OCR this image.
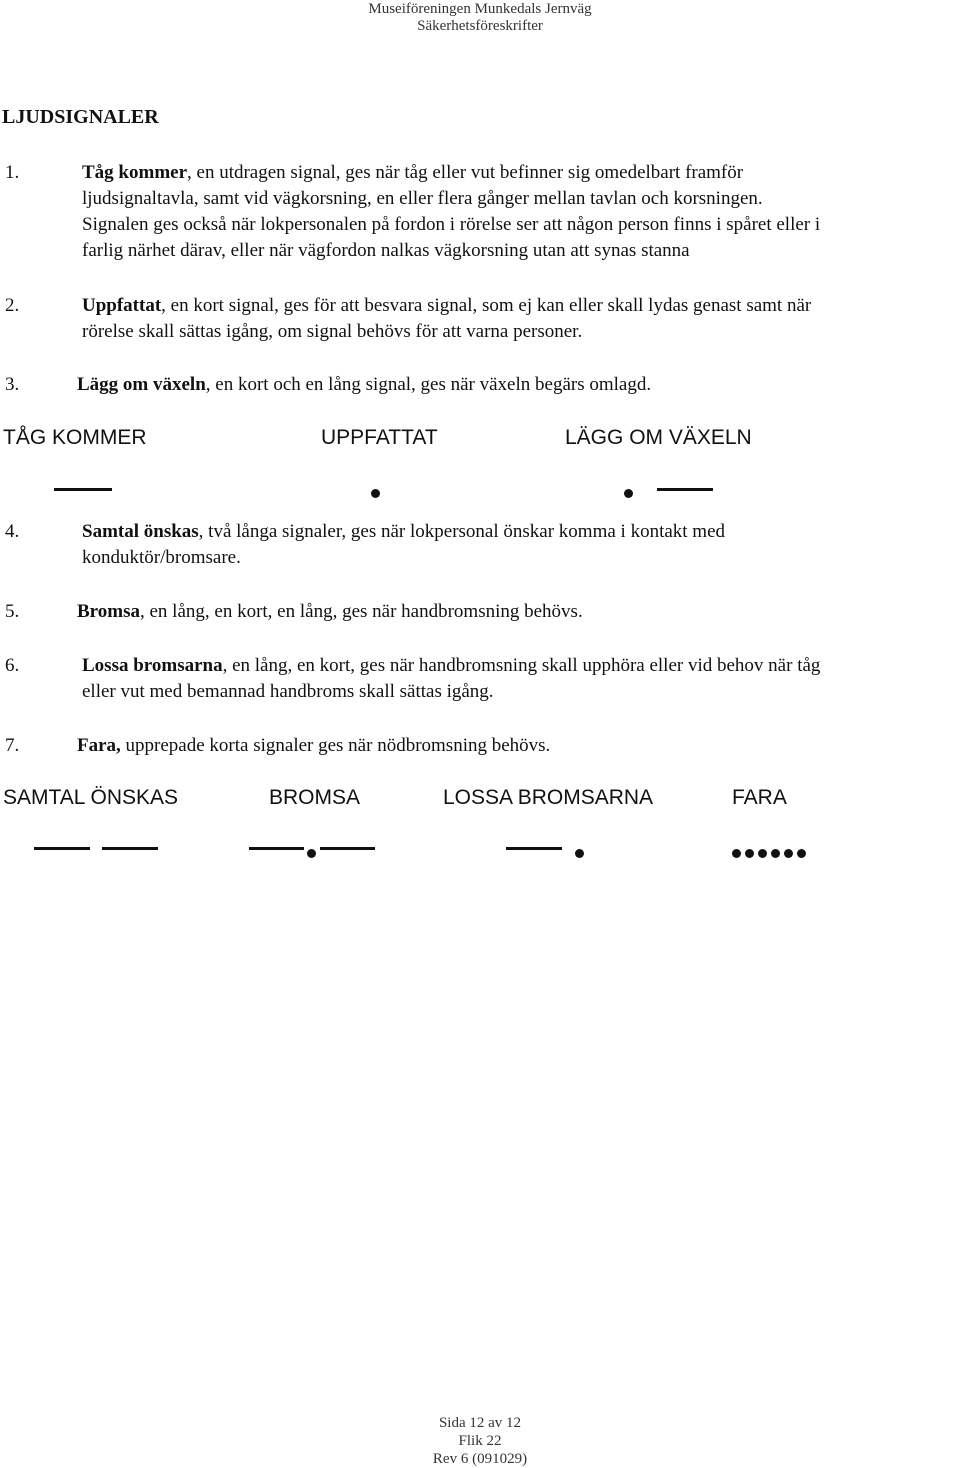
Museiföreningen Munkedals Jernväg
Säkerhetsföreskrifter
LJUDSIGNALER
1.	Tåg kommer, en utdragen signal, ges när tåg eller vut befinner sig omedelbart framför
ljudsignaltavla, samt vid vägkorsning, en eller flera gånger mellan tavlan och korsningen.
Signalen ges också när lokpersonalen på fordon i rörelse ser att någon person finns i spåret eller i
farlig närhet därav, eller när vägfordon nalkas vägkorsning utan att synas stanna
2.	Uppfattat, en kort signal, ges för att besvara signal, som ej kan eller skall lydas genast samt när
rörelse skall sättas igång, om signal behövs för att varna personer.
3.	Lägg om växeln, en kort och en lång signal, ges när växeln begärs omlagd.
TÅG KOMMER	UPPFATTAT	LÄGG OM VÄXELN
4.	Samtal önskas, två långa signaler, ges när lokpersonal önskar komma i kontakt med
konduktör/bromsare.
5.	Bromsa, en lång, en kort, en lång, ges när handbromsning behövs.
6.	Lossa bromsarna, en lång, en kort, ges när handbromsning skall upphöra eller vid behov när tåg
eller vut med bemannad handbroms skall sättas igång.
7.	Fara, upprepade korta signaler ges när nödbromsning behövs.
SAMTAL ÖNSKAS	BROMSA	LOSSA BROMSARNA	FARA
Sida 12 av 12
Flik 22
Rev 6 (091029)
